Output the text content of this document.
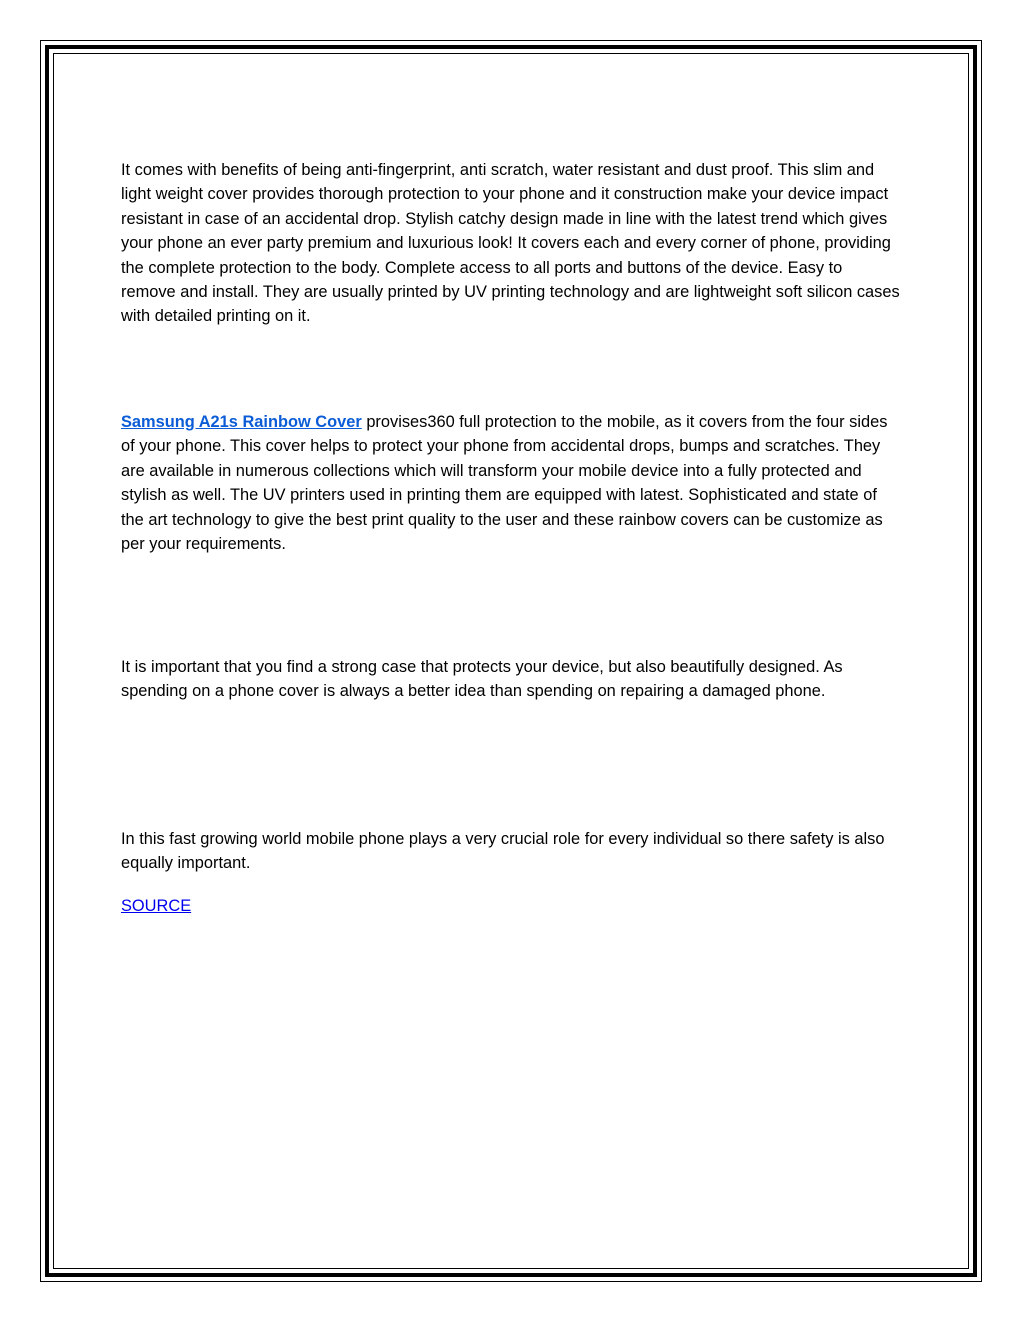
It comes with benefits of being anti-fingerprint, anti scratch, water resistant and dust proof. This slim and light weight cover provides thorough protection to your phone and it construction make your device impact resistant in case of an accidental drop. Stylish catchy design made in line with the latest trend which gives your phone an ever party premium and luxurious look! It covers each and every corner of phone, providing the complete protection to the body. Complete access to all ports and buttons of the device. Easy to remove and install. They are usually printed by UV printing technology and are lightweight soft silicon cases with detailed printing on it.

Samsung A21s Rainbow Cover provises360 full protection to the mobile, as it covers from the four sides of your phone. This cover helps to protect your phone from accidental drops, bumps and scratches. They are available in numerous collections which will transform your mobile device into a fully protected and stylish as well. The UV printers used in printing them are equipped with latest. Sophisticated and state of the art technology to give the best print quality to the user and these rainbow covers can be customize as per your requirements.

It is important that you find a strong case that protects your device, but also beautifully designed. As spending on a phone cover is always a better idea than spending on repairing a damaged phone.

In this fast growing world mobile phone plays a very crucial role for every individual so there safety is also equally important.

SOURCE
